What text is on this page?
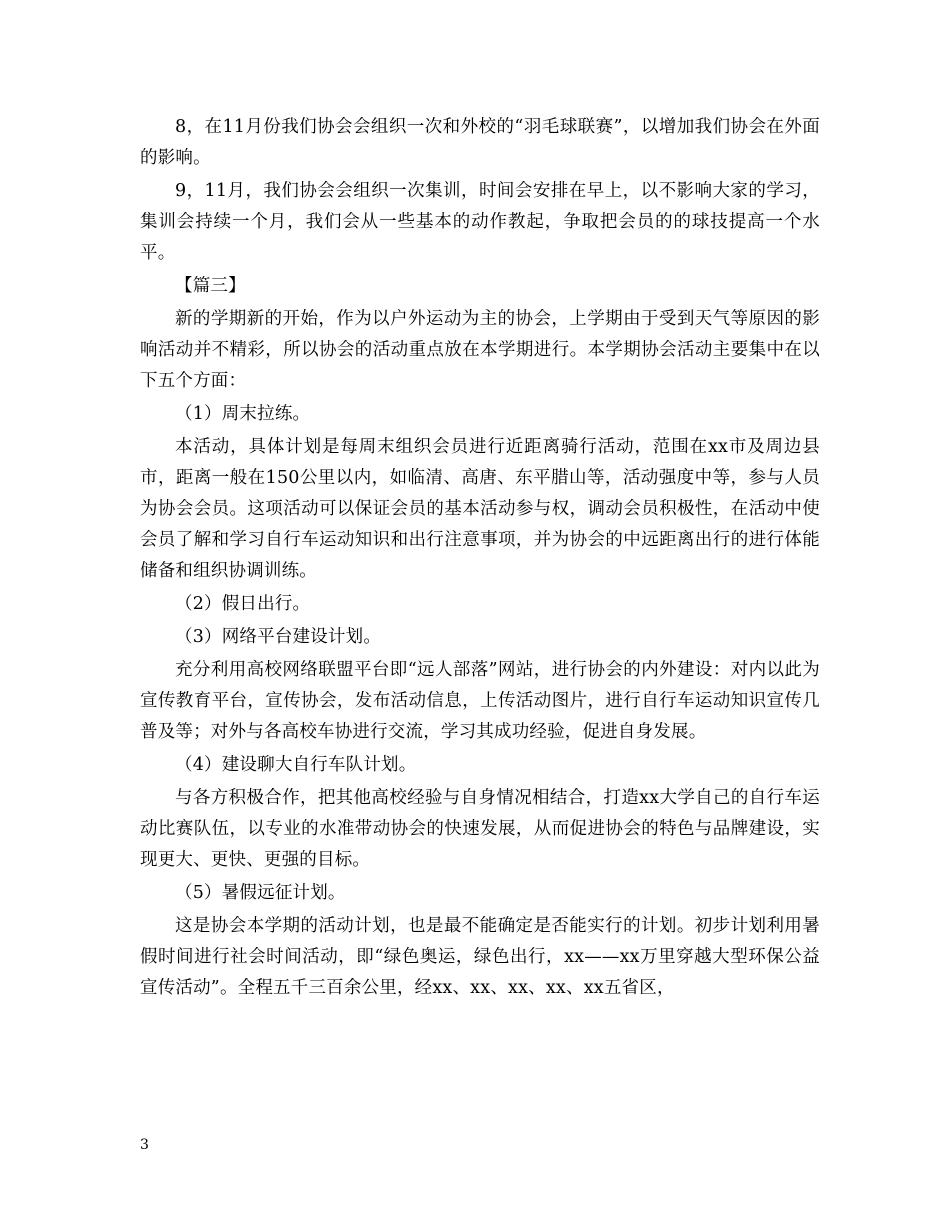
8，在11月份我们协会会组织一次和外校的“羽毛球联赛”，以增加我们协会在外面的影响。

9，11月，我们协会会组织一次集训，时间会安排在早上，以不影响大家的学习，集训会持续一个月，我们会从一些基本的动作教起，争取把会员的的球技提高一个水平。

【篇三】

新的学期新的开始，作为以户外运动为主的协会，上学期由于受到天气等原因的影响活动并不精彩，所以协会的活动重点放在本学期进行。本学期协会活动主要集中在以下五个方面：

（1）周末拉练。

本活动，具体计划是每周末组织会员进行近距离骑行活动，范围在xx市及周边县市，距离一般在150公里以内，如临清、高唐、东平腊山等，活动强度中等，参与人员为协会会员。这项活动可以保证会员的基本活动参与权，调动会员积极性，在活动中使会员了解和学习自行车运动知识和出行注意事项，并为协会的中远距离出行的进行体能储备和组织协调训练。

（2）假日出行。

（3）网络平台建设计划。

充分利用高校网络联盟平台即“远人部落”网站，进行协会的内外建设：对内以此为宣传教育平台，宣传协会，发布活动信息，上传活动图片，进行自行车运动知识宣传几普及等；对外与各高校车协进行交流，学习其成功经验，促进自身发展。

（4）建设聊大自行车队计划。

与各方积极合作，把其他高校经验与自身情况相结合，打造xx大学自己的自行车运动比赛队伍，以专业的水准带动协会的快速发展，从而促进协会的特色与品牌建设，实现更大、更快、更强的目标。

（5）暑假远征计划。

这是协会本学期的活动计划，也是最不能确定是否能实行的计划。初步计划利用暑假时间进行社会时间活动，即“绿色奥运，绿色出行，xx——xx万里穿越大型环保公益宣传活动”。全程五千三百余公里，经xx、xx、xx、xx、xx五省区，

3
